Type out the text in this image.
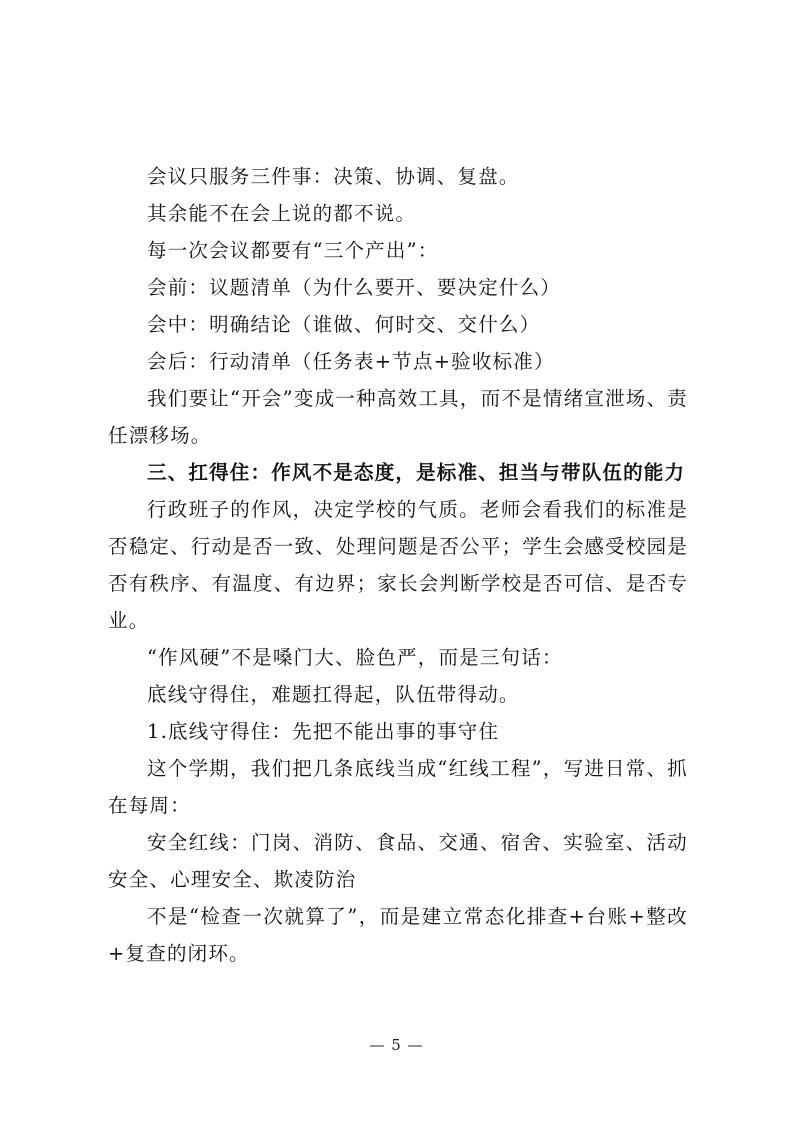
会议只服务三件事：决策、协调、复盘。

其余能不在会上说的都不说。

每一次会议都要有“三个产出”：

会前：议题清单（为什么要开、要决定什么）

会中：明确结论（谁做、何时交、交什么）

会后：行动清单（任务表+节点+验收标准）

我们要让“开会”变成一种高效工具，而不是情绪宣泄场、责任漂移场。

三、扛得住：作风不是态度，是标准、担当与带队伍的能力

行政班子的作风，决定学校的气质。老师会看我们的标准是否稳定、行动是否一致、处理问题是否公平；学生会感受校园是否有秩序、有温度、有边界；家长会判断学校是否可信、是否专业。

“作风硬”不是嗓门大、脸色严，而是三句话：

底线守得住，难题扛得起，队伍带得动。

1.底线守得住：先把不能出事的事守住

这个学期，我们把几条底线当成“红线工程”，写进日常、抓在每周：

安全红线：门岗、消防、食品、交通、宿舍、实验室、活动安全、心理安全、欺凌防治

不是“检查一次就算了”，而是建立常态化排查+台账+整改+复查的闭环。

— 5 —
